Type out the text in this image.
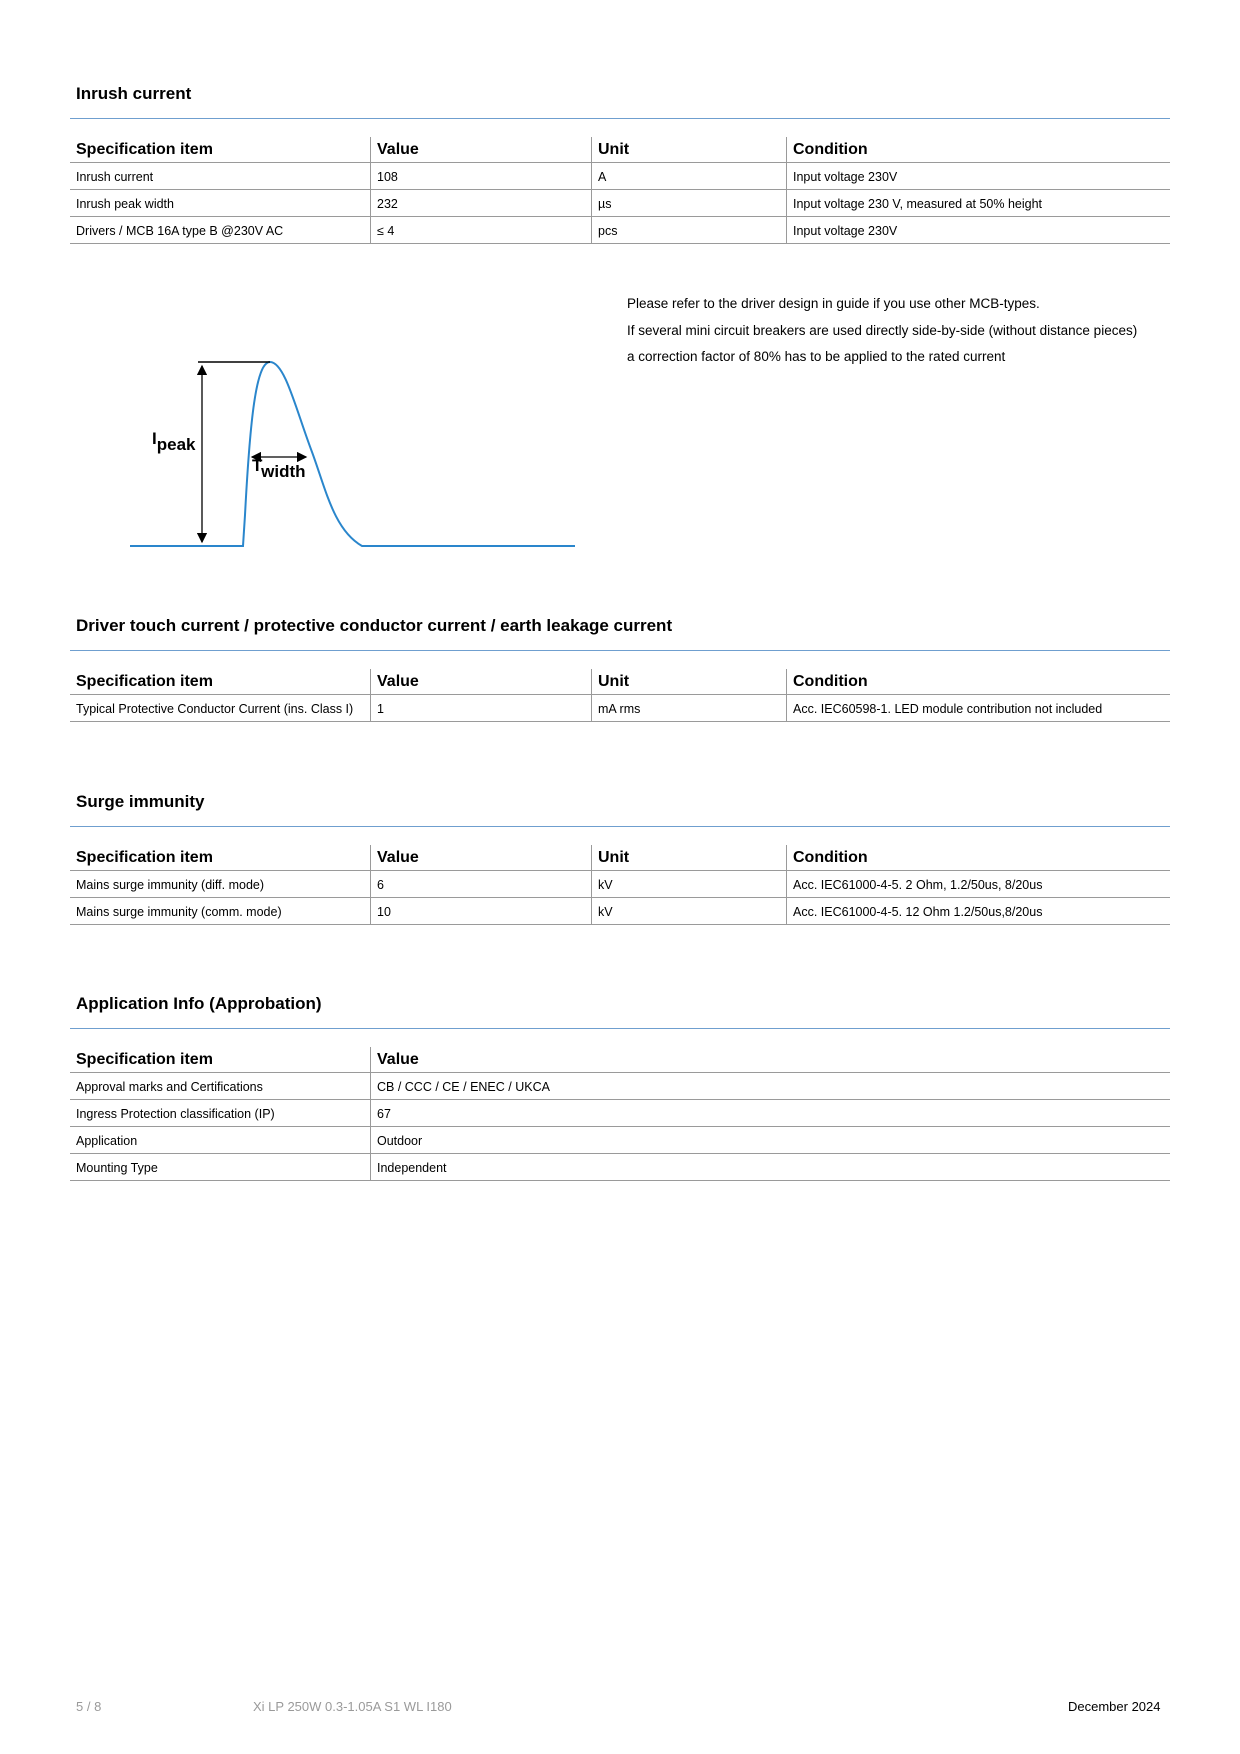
Inrush current
Specification item	Value	Unit	Condition
Inrush current	108	A	Input voltage 230V
Inrush peak width	232	µs	Input voltage 230 V, measured at 50% height
Drivers / MCB 16A type B @230V AC	≤ 4	pcs	Input voltage 230V
Ipeak
Twidth

Please refer to the driver design in guide if you use other MCB-types.

If several mini circuit breakers are used directly side-by-side (without distance pieces)

a correction factor of 80% has to be applied to the rated current

Driver touch current / protective conductor current / earth leakage current
Specification item	Value	Unit	Condition
Typical Protective Conductor Current (ins. Class I)	1	mA rms	Acc. IEC60598-1. LED module contribution not included
Surge immunity
Specification item	Value	Unit	Condition
Mains surge immunity (diff. mode)	6	kV	Acc. IEC61000-4-5. 2 Ohm, 1.2/50us, 8/20us
Mains surge immunity (comm. mode)	10	kV	Acc. IEC61000-4-5. 12 Ohm 1.2/50us,8/20us
Application Info (Approbation)
Specification item	Value
Approval marks and Certifications	CB / CCC / CE / ENEC / UKCA
Ingress Protection classification (IP)	67
Application	Outdoor
Mounting Type	Independent
5 / 8	Xi LP 250W 0.3-1.05A S1 WL I180	December 2024
